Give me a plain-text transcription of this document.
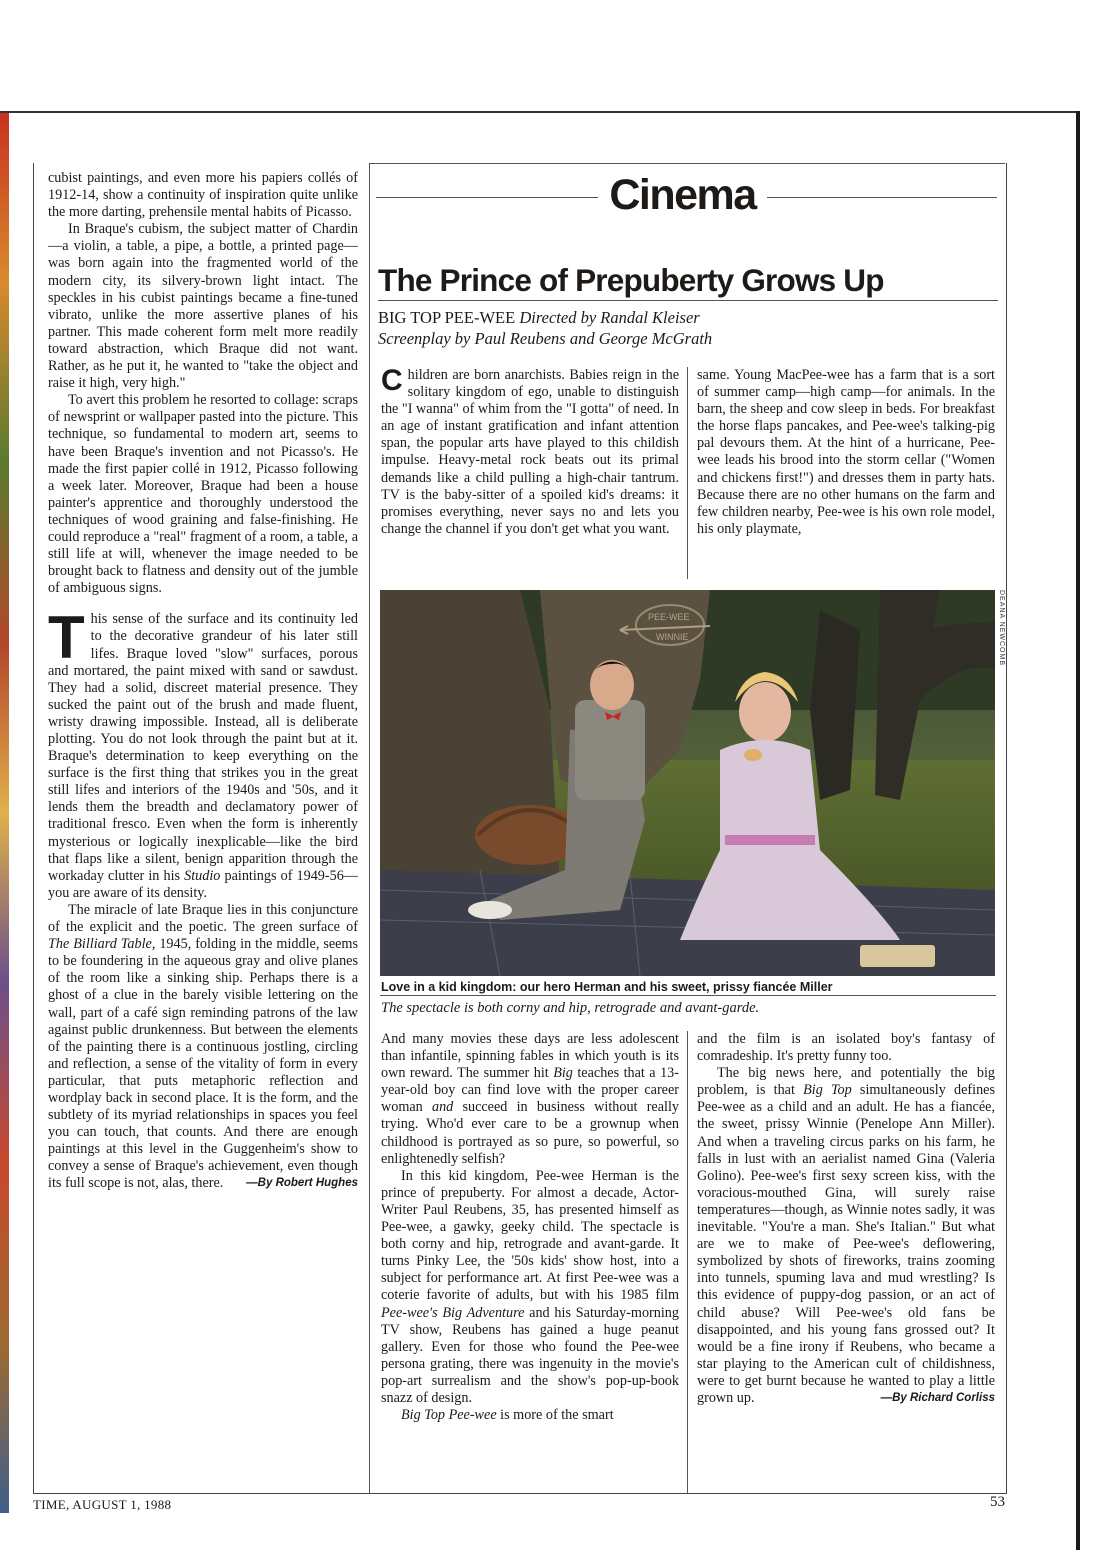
cubist paintings, and even more his papiers collés of 1912-14, show a continuity of inspiration quite unlike the more darting, prehensile mental habits of Picasso.

In Braque's cubism, the subject matter of Chardin—a violin, a table, a pipe, a bottle, a printed page—was born again into the fragmented world of the modern city, its silvery-brown light intact. The speckles in his cubist paintings became a fine-tuned vibrato, unlike the more assertive planes of his partner. This made coherent form melt more readily toward abstraction, which Braque did not want. Rather, as he put it, he wanted to "take the object and raise it high, very high."

To avert this problem he resorted to collage: scraps of newsprint or wallpaper pasted into the picture. This technique, so fundamental to modern art, seems to have been Braque's invention and not Picasso's. He made the first papier collé in 1912, Picasso following a week later. Moreover, Braque had been a house painter's apprentice and thoroughly understood the techniques of wood graining and false-finishing. He could reproduce a "real" fragment of a room, a table, a still life at will, whenever the image needed to be brought back to flatness and density out of the jumble of ambiguous signs.

This sense of the surface and its continuity led to the decorative grandeur of his later still lifes. Braque loved "slow" surfaces, porous and mortared, the paint mixed with sand or sawdust. They had a solid, discreet material presence. They sucked the paint out of the brush and made fluent, wristy drawing impossible. Instead, all is deliberate plotting. You do not look through the paint but at it. Braque's determination to keep everything on the surface is the first thing that strikes you in the great still lifes and interiors of the 1940s and '50s, and it lends them the breadth and declamatory power of traditional fresco. Even when the form is inherently mysterious or logically inexplicable—like the bird that flaps like a silent, benign apparition through the workaday clutter in his Studio paintings of 1949-56—you are aware of its density.

The miracle of late Braque lies in this conjuncture of the explicit and the poetic. The green surface of The Billiard Table, 1945, folding in the middle, seems to be foundering in the aqueous gray and olive planes of the room like a sinking ship. Perhaps there is a ghost of a clue in the barely visible lettering on the wall, part of a café sign reminding patrons of the law against public drunkenness. But between the elements of the painting there is a continuous jostling, circling and reflection, a sense of the vitality of form in every particular, that puts metaphoric reflection and wordplay back in second place. It is the form, and the subtlety of its myriad relationships in spaces you feel you can touch, that counts. And there are enough paintings at this level in the Guggenheim's show to convey a sense of Braque's achievement, even though its full scope is not, alas, there.	—By Robert Hughes

Cinema
The Prince of Prepuberty Grows Up
BIG TOP PEE-WEE Directed by Randal Kleiser
Screenplay by Paul Reubens and George McGrath

Children are born anarchists. Babies reign in the solitary kingdom of ego, unable to distinguish the "I wanna" of whim from the "I gotta" of need. In an age of instant gratification and infant attention span, the popular arts have played to this childish impulse. Heavy-metal rock beats out its primal demands like a child pulling a high-chair tantrum. TV is the baby-sitter of a spoiled kid's dreams: it promises everything, never says no and lets you change the channel if you don't get what you want.

same. Young MacPee-wee has a farm that is a sort of summer camp—high camp—for animals. In the barn, the sheep and cow sleep in beds. For breakfast the horse flaps pancakes, and Pee-wee's talking-pig pal devours them. At the hint of a hurricane, Pee-wee leads his brood into the storm cellar ("Women and chickens first!") and dresses them in party hats. Because there are no other humans on the farm and few children nearby, Pee-wee is his own role model, his only playmate,

PEE-WEE
WINNIE	DEANA NEWCOMB
Love in a kid kingdom: our hero Herman and his sweet, prissy fiancée Miller
The spectacle is both corny and hip, retrograde and avant-garde.

And many movies these days are less adolescent than infantile, spinning fables in which youth is its own reward. The summer hit Big teaches that a 13-year-old boy can find love with the proper career woman and succeed in business without really trying. Who'd ever care to be a grownup when childhood is portrayed as so pure, so powerful, so enlightenedly selfish?

In this kid kingdom, Pee-wee Herman is the prince of prepuberty. For almost a decade, Actor-Writer Paul Reubens, 35, has presented himself as Pee-wee, a gawky, geeky child. The spectacle is both corny and hip, retrograde and avant-garde. It turns Pinky Lee, the '50s kids' show host, into a subject for performance art. At first Pee-wee was a coterie favorite of adults, but with his 1985 film Pee-wee's Big Adventure and his Saturday-morning TV show, Reubens has gained a huge peanut gallery. Even for those who found the Pee-wee persona grating, there was ingenuity in the movie's pop-art surrealism and the show's pop-up-book snazz of design.

Big Top Pee-wee is more of the smart

and the film is an isolated boy's fantasy of comradeship. It's pretty funny too.

The big news here, and potentially the big problem, is that Big Top simultaneously defines Pee-wee as a child and an adult. He has a fiancée, the sweet, prissy Winnie (Penelope Ann Miller). And when a traveling circus parks on his farm, he falls in lust with an aerialist named Gina (Valeria Golino). Pee-wee's first sexy screen kiss, with the voracious-mouthed Gina, will surely raise temperatures—though, as Winnie notes sadly, it was inevitable. "You're a man. She's Italian." But what are we to make of Pee-wee's deflowering, symbolized by shots of fireworks, trains zooming into tunnels, spuming lava and mud wrestling? Is this evidence of puppy-dog passion, or an act of child abuse? Will Pee-wee's old fans be disappointed, and his young fans grossed out? It would be a fine irony if Reubens, who became a star playing to the American cult of childishness, were to get burnt because he wanted to play a little grown up.	—By Richard Corliss

TIME, AUGUST 1, 1988	53
